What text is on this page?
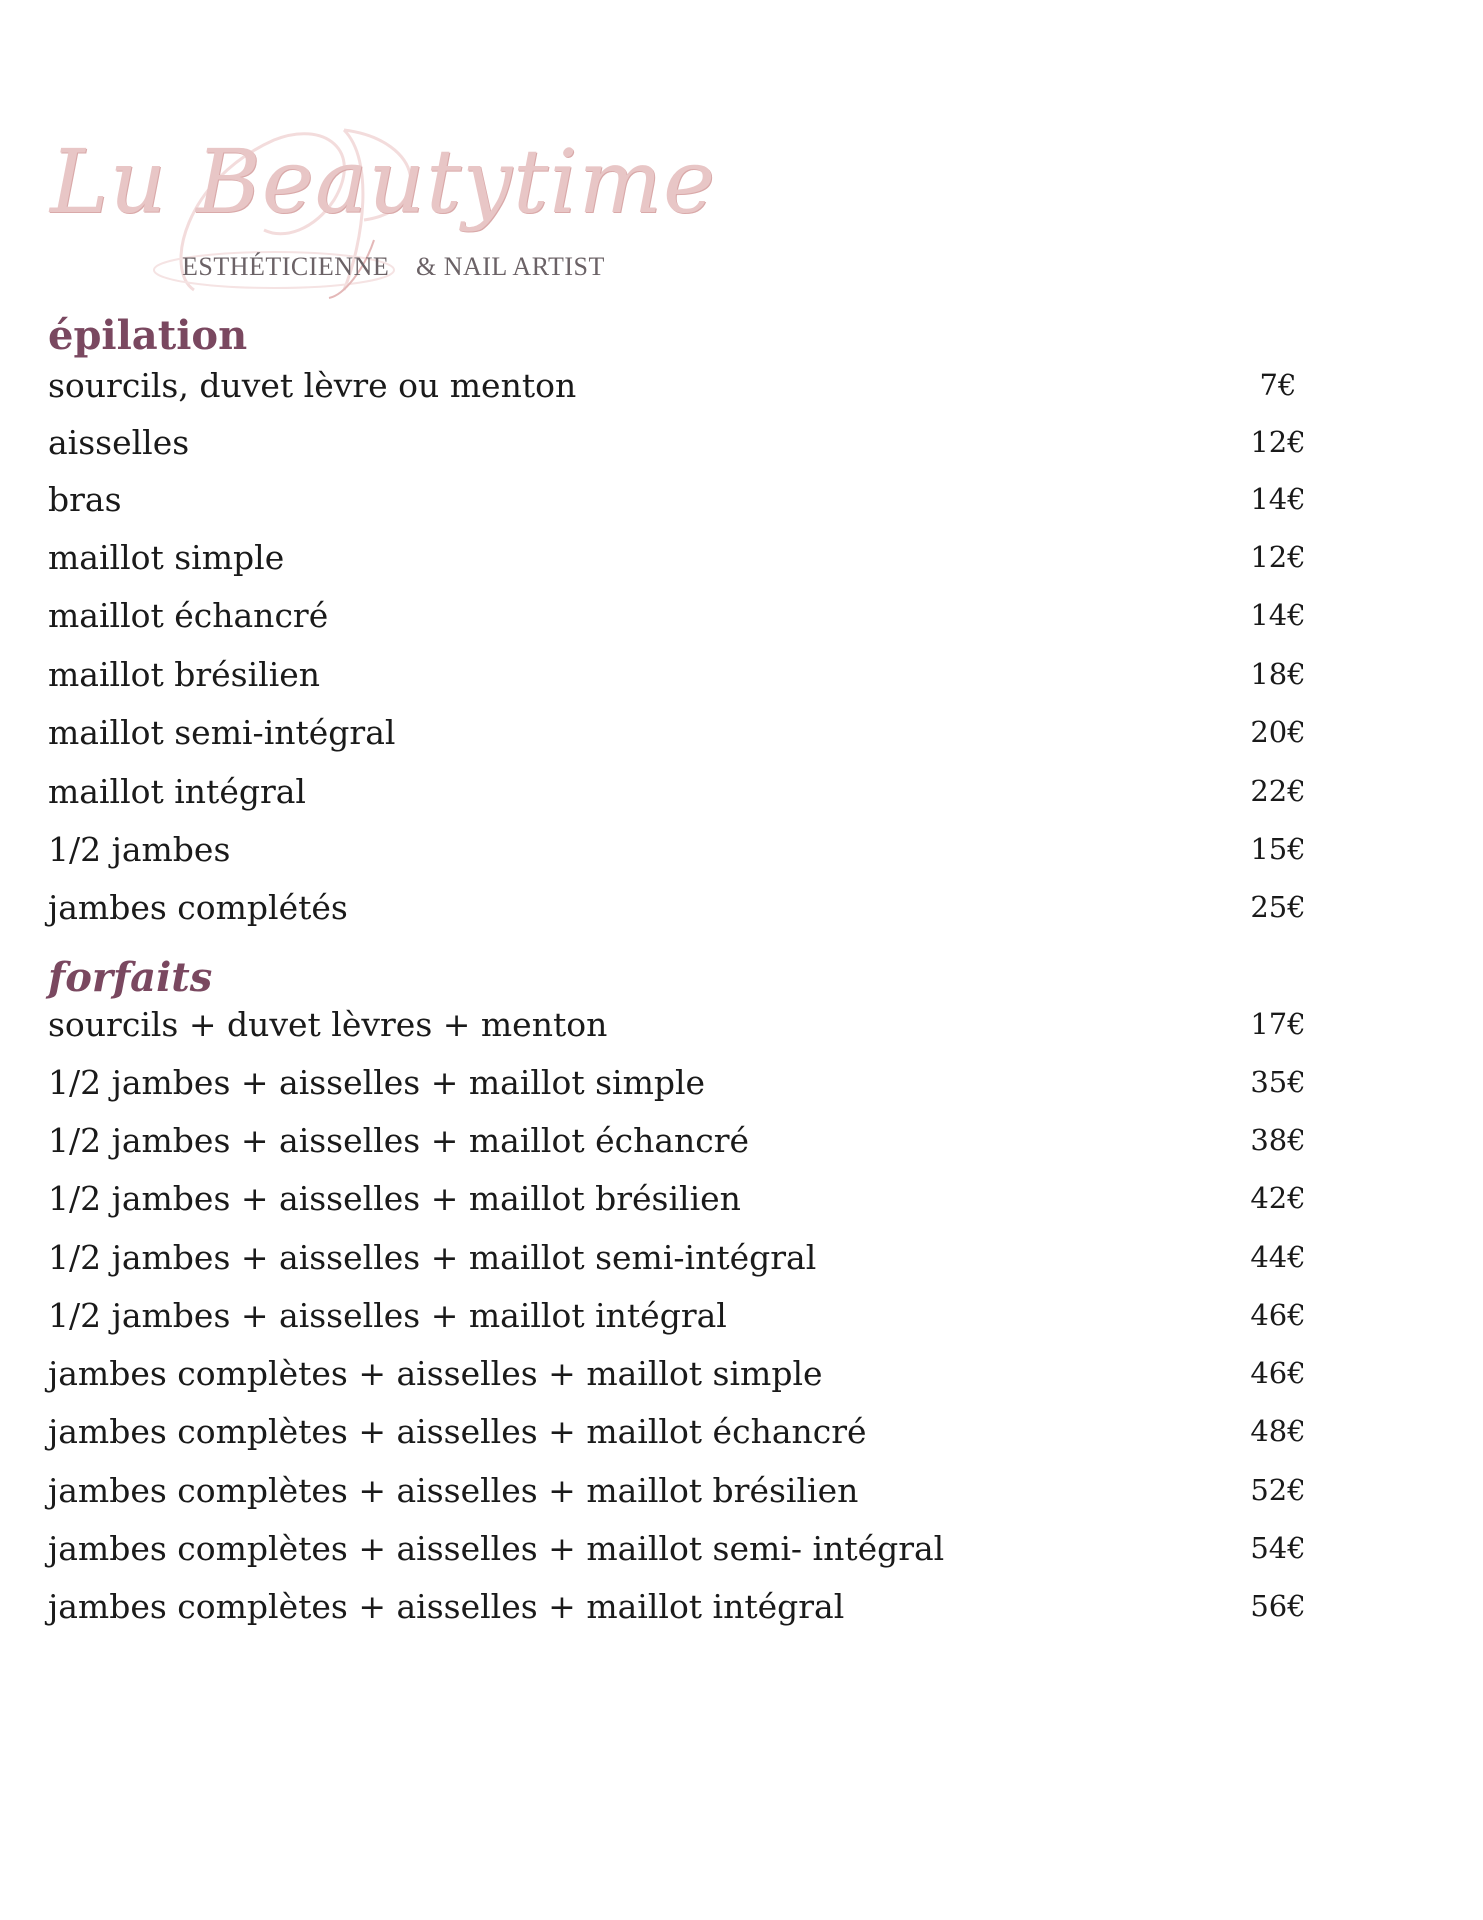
Lu Beautytime
ESTHÉTICIENNE & NAIL ARTIST
épilation
sourcils, duvet lèvre ou menton	7€
aisselles	12€
bras	14€
maillot simple	12€
maillot échancré	14€
maillot brésilien	18€
maillot semi-intégral	20€
maillot intégral	22€
1/2 jambes	15€
jambes complétés	25€
forfaits
sourcils + duvet lèvres + menton	17€
1/2 jambes + aisselles + maillot simple	35€
1/2 jambes + aisselles + maillot échancré	38€
1/2 jambes + aisselles + maillot brésilien	42€
1/2 jambes + aisselles + maillot semi-intégral	44€
1/2 jambes + aisselles + maillot intégral	46€
jambes complètes + aisselles + maillot simple	46€
jambes complètes + aisselles + maillot échancré	48€
jambes complètes + aisselles + maillot brésilien	52€
jambes complètes + aisselles + maillot semi- intégral	54€
jambes complètes + aisselles + maillot intégral	56€
